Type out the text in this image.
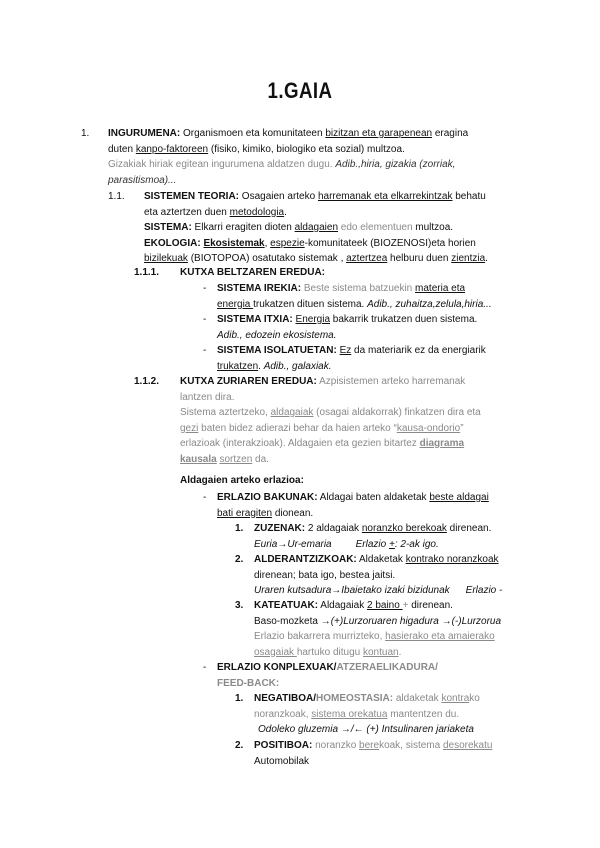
1.GAIA
1. INGURUMENA: Organismoen eta komunitateen bizitzan eta garapenean eragina
duten kanpo-faktoreen (fisiko, kimiko, biologiko eta sozial) multzoa.
Gizakiak hiriak egitean ingurumena aldatzen dugu. Adib.,hiria, gizakia (zorriak,
parasitismoa)...
1.1. SISTEMEN TEORIA: Osagaien arteko harremanak eta elkarrekintzak behatu
eta aztertzen duen metodologia.
SISTEMA: Elkarri eragiten dioten aldagaien edo elementuen multzoa.
EKOLOGIA: Ekosistemak, espezie-komunitateek (BIOZENOSI)eta horien
bizilekuak (BIOTOPOA) osatutako sistemak , aztertzea helburu duen zientzia.
1.1.1. KUTXA BELTZAREN EREDUA:
- SISTEMA IREKIA: Beste sistema batzuekin materia eta
energia trukatzen dituen sistema. Adib., zuhaitza,zelula,hiria...
- SISTEMA ITXIA: Energia bakarrik trukatzen duen sistema.
Adib., edozein ekosistema.
- SISTEMA ISOLATUETAN: Ez da materiarik ez da energiarik
trukatzen. Adib., galaxiak.
1.1.2. KUTXA ZURIAREN EREDUA: Azpisistemen arteko harremanak
lantzen dira.
Sistema aztertzeko, aldagaiak (osagai aldakorrak) finkatzen dira eta
gezi baten bidez adierazi behar da haien arteko “kausa-ondorio”
erlazioak (interakzioak). Aldagaien eta gezien bitartez diagrama
kausala sortzen da.
Aldagaien arteko erlazioa:
- ERLAZIO BAKUNAK: Aldagai baten aldaketak beste aldagai
bati eragiten dionean.
1. ZUZENAK: 2 aldagaiak noranzko berekoak direnean.
Euria→Ur-emaria Erlazio +: 2-ak igo.
2. ALDERANTZIZKOAK: Aldaketak kontrako noranzkoak
direnean; bata igo, bestea jaitsi.
Uraren kutsadura→Ibaietako izaki bizidunak Erlazio -
3. KATEATUAK: Aldagaiak 2 baino + direnean.
Baso-mozketa →(+)Lurzoruaren higadura →(-)Lurzorua
Erlazio bakarrera murrizteko, hasierako eta amaierako
osagaiak hartuko ditugu kontuan.
- ERLAZIO KONPLEXUAK/ATZERAELIKADURA/
FEED-BACK:
1. NEGATIBOA/HOMEOSTASIA: aldaketak kontrako
noranzkoak, sistema orekatua mantentzen du.
Odoleko gluzemia →/← (+) Intsulinaren jariaketa
2. POSITIBOA: noranzko berekoak, sistema desorekatu
Automobilak
